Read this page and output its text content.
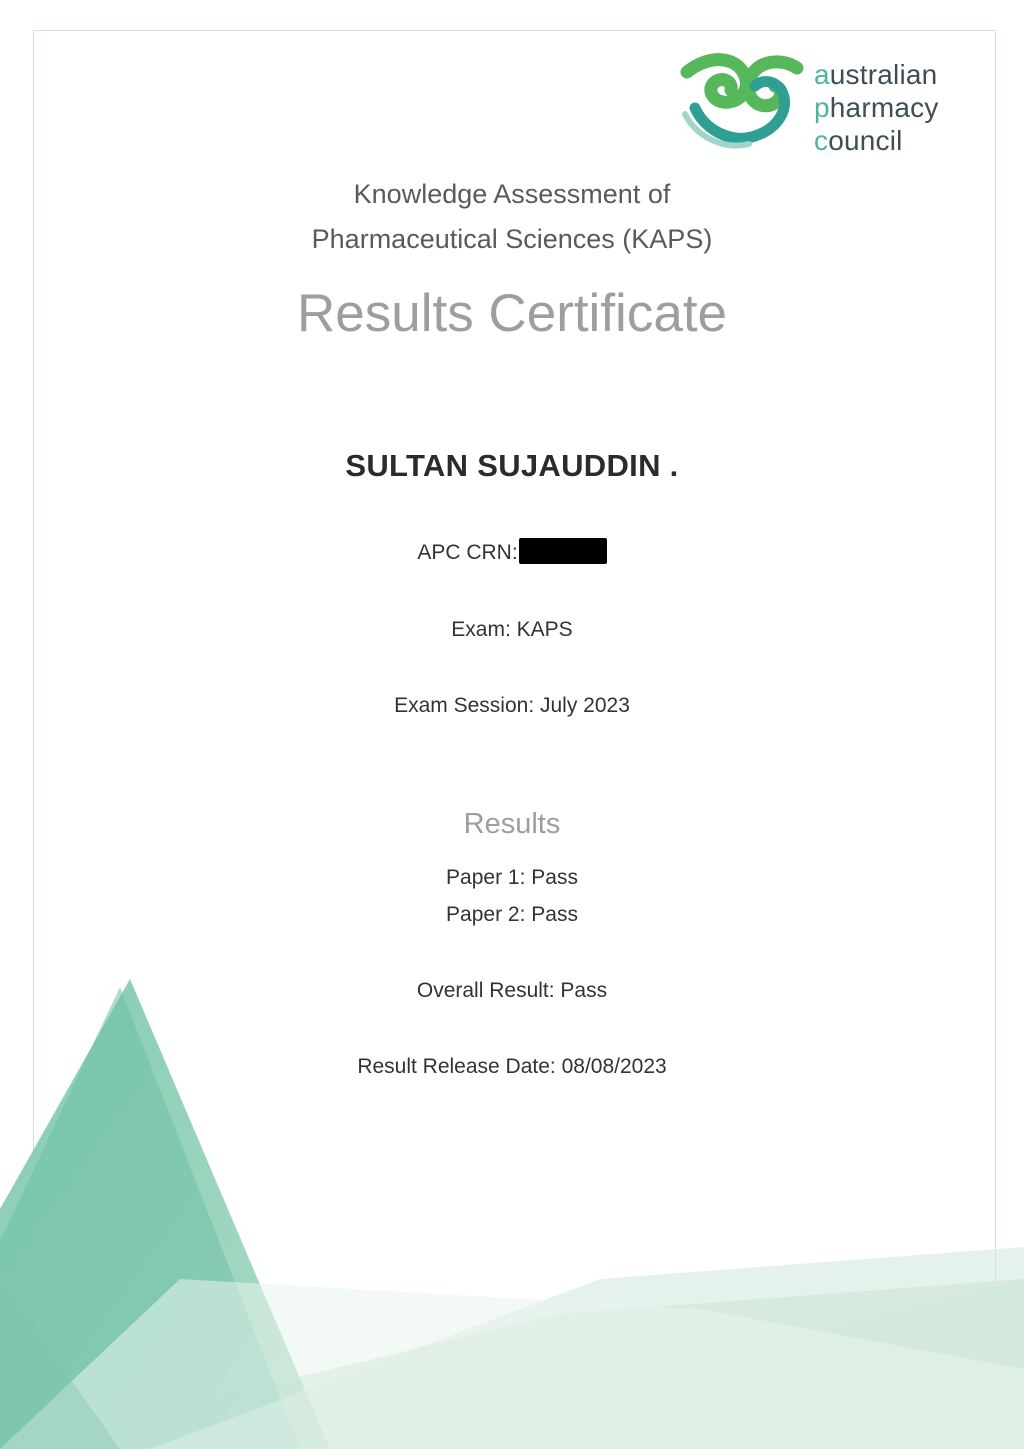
australian
pharmacy
council
Knowledge Assessment of
Pharmaceutical Sciences (KAPS)
Results Certificate
SULTAN SUJAUDDIN .
APC CRN:
Exam: KAPS
Exam Session: July 2023
Results
Paper 1: Pass
Paper 2: Pass
Overall Result: Pass
Result Release Date: 08/08/2023
